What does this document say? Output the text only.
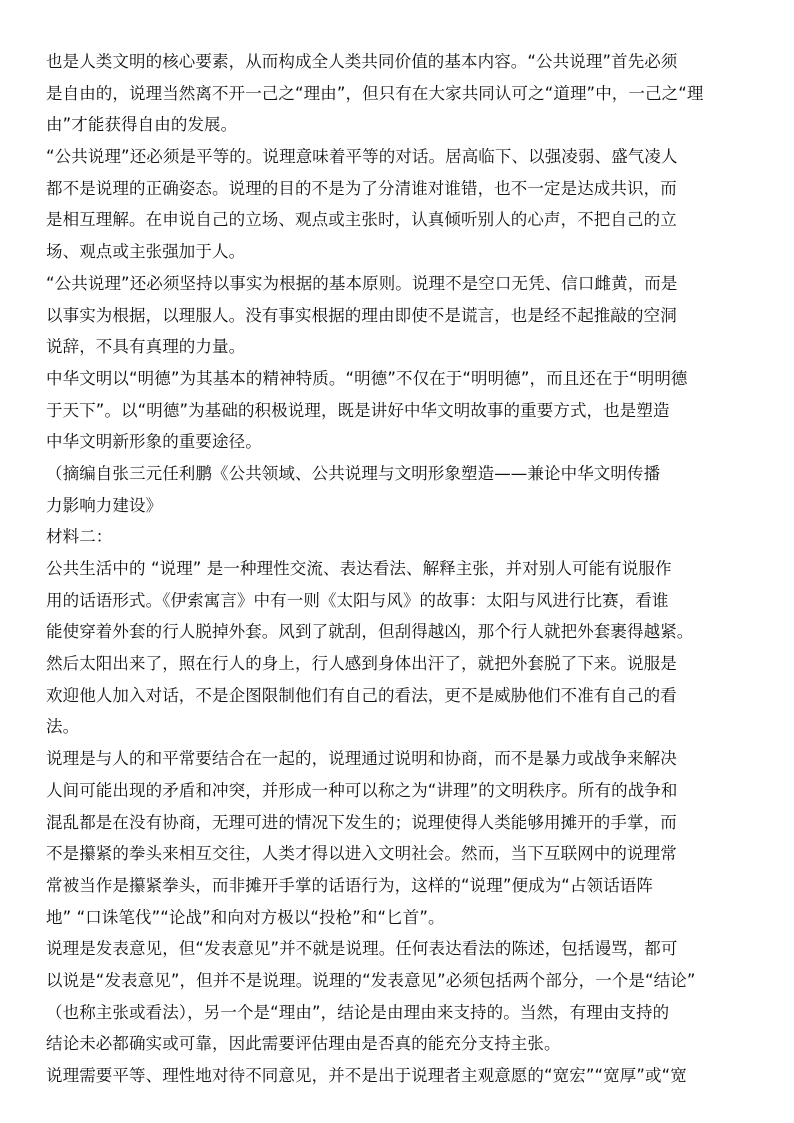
也是人类文明的核心要素，从而构成全人类共同价值的基本内容。“公共说理”首先必须
是自由的，说理当然离不开一己之“理由”，但只有在大家共同认可之“道理”中，一己之“理
由”才能获得自由的发展。
“公共说理”还必须是平等的。说理意味着平等的对话。居高临下、以强凌弱、盛气凌人
都不是说理的正确姿态。说理的目的不是为了分清谁对谁错，也不一定是达成共识，而
是相互理解。在申说自己的立场、观点或主张时，认真倾听别人的心声，不把自己的立
场、观点或主张强加于人。
“公共说理”还必须坚持以事实为根据的基本原则。说理不是空口无凭、信口雌黄，而是
以事实为根据，以理服人。没有事实根据的理由即使不是谎言，也是经不起推敲的空洞
说辞，不具有真理的力量。
中华文明以“明德”为其基本的精神特质。“明德”不仅在于“明明德”，而且还在于“明明德
于天下”。以“明德”为基础的积极说理，既是讲好中华文明故事的重要方式，也是塑造
中华文明新形象的重要途径。
（摘编自张三元任利鹏《公共领域、公共说理与文明形象塑造——兼论中华文明传播
力影响力建设》
材料二：
公共生活中的 “说理” 是一种理性交流、表达看法、解释主张，并对别人可能有说服作
用的话语形式。《伊索寓言》中有一则《太阳与风》的故事：太阳与风进行比赛，看谁
能使穿着外套的行人脱掉外套。风到了就刮，但刮得越凶，那个行人就把外套裹得越紧。
然后太阳出来了，照在行人的身上，行人感到身体出汗了，就把外套脱了下来。说服是
欢迎他人加入对话，不是企图限制他们有自己的看法，更不是威胁他们不准有自己的看
法。
说理是与人的和平常要结合在一起的，说理通过说明和协商，而不是暴力或战争来解决
人间可能出现的矛盾和冲突，并形成一种可以称之为“讲理”的文明秩序。所有的战争和
混乱都是在没有协商，无理可进的情况下发生的；说理使得人类能够用摊开的手掌，而
不是攥紧的拳头来相互交往，人类才得以进入文明社会。然而，当下互联网中的说理常
常被当作是攥紧拳头，而非摊开手掌的话语行为，这样的“说理”便成为“占领话语阵
地” “口诛笔伐”“论战”和向对方极以“投枪”和“匕首”。
说理是发表意见，但“发表意见”并不就是说理。任何表达看法的陈述，包括谩骂，都可
以说是“发表意见”，但并不是说理。说理的“发表意见”必须包括两个部分，一个是“结论”
（也称主张或看法），另一个是“理由”，结论是由理由来支持的。当然，有理由支持的
结论未必都确实或可靠，因此需要评估理由是否真的能充分支持主张。
说理需要平等、理性地对待不同意见，并不是出于说理者主观意愿的“宽宏”“宽厚”或“宽
